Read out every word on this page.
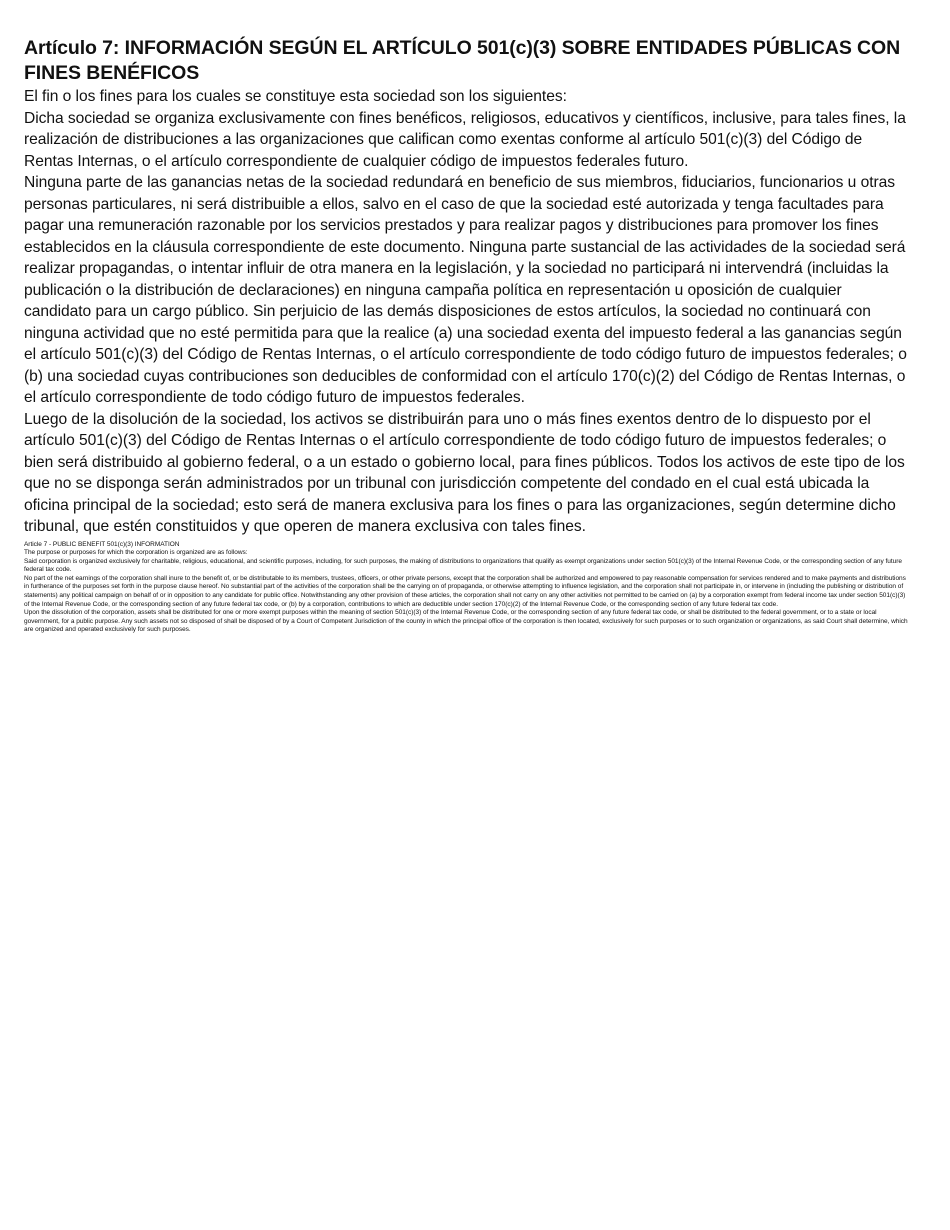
Artículo 7: INFORMACIÓN SEGÚN EL ARTÍCULO 501(c)(3) SOBRE ENTIDADES PÚBLICAS CON FINES BENÉFICOS

El fin o los fines para los cuales se constituye esta sociedad son los siguientes:

Dicha sociedad se organiza exclusivamente con fines benéficos, religiosos, educativos y científicos, inclusive, para tales fines, la realización de distribuciones a las organizaciones que califican como exentas conforme al artículo 501(c)(3) del Código de Rentas Internas, o el artículo correspondiente de cualquier código de impuestos federales futuro.

Ninguna parte de las ganancias netas de la sociedad redundará en beneficio de sus miembros, fiduciarios, funcionarios u otras personas particulares, ni será distribuible a ellos, salvo en el caso de que la sociedad esté autorizada y tenga facultades para pagar una remuneración razonable por los servicios prestados y para realizar pagos y distribuciones para promover los fines establecidos en la cláusula correspondiente de este documento. Ninguna parte sustancial de las actividades de la sociedad será realizar propagandas, o intentar influir de otra manera en la legislación, y la sociedad no participará ni intervendrá (incluidas la publicación o la distribución de declaraciones) en ninguna campaña política en representación u oposición de cualquier candidato para un cargo público. Sin perjuicio de las demás disposiciones de estos artículos, la sociedad no continuará con ninguna actividad que no esté permitida para que la realice (a) una sociedad exenta del impuesto federal a las ganancias según el artículo 501(c)(3) del Código de Rentas Internas, o el artículo correspondiente de todo código futuro de impuestos federales; o (b) una sociedad cuyas contribuciones son deducibles de conformidad con el artículo 170(c)(2) del Código de Rentas Internas, o el artículo correspondiente de todo código futuro de impuestos federales.

Luego de la disolución de la sociedad, los activos se distribuirán para uno o más fines exentos dentro de lo dispuesto por el artículo 501(c)(3) del Código de Rentas Internas o el artículo correspondiente de todo código futuro de impuestos federales; o bien será distribuido al gobierno federal, o a un estado o gobierno local, para fines públicos. Todos los activos de este tipo de los que no se disponga serán administrados por un tribunal con jurisdicción competente del condado en el cual está ubicada la oficina principal de la sociedad; esto será de manera exclusiva para los fines o para las organizaciones, según determine dicho tribunal, que estén constituidos y que operen de manera exclusiva con tales fines.

Article 7 - PUBLIC BENEFIT 501(c)(3) INFORMATION

The purpose or purposes for which the corporation is organized are as follows:

Said corporation is organized exclusively for charitable, religious, educational, and scientific purposes, including, for such purposes, the making of distributions to organizations that qualify as exempt organizations under section 501(c)(3) of the Internal Revenue Code, or the corresponding section of any future federal tax code.

No part of the net earnings of the corporation shall inure to the benefit of, or be distributable to its members, trustees, officers, or other private persons, except that the corporation shall be authorized and empowered to pay reasonable compensation for services rendered and to make payments and distributions in furtherance of the purposes set forth in the purpose clause hereof. No substantial part of the activities of the corporation shall be the carrying on of propaganda, or otherwise attempting to influence legislation, and the corporation shall not participate in, or intervene in (including the publishing or distribution of statements) any political campaign on behalf of or in opposition to any candidate for public office. Notwithstanding any other provision of these articles, the corporation shall not carry on any other activities not permitted to be carried on (a) by a corporation exempt from federal income tax under section 501(c)(3) of the Internal Revenue Code, or the corresponding section of any future federal tax code, or (b) by a corporation, contributions to which are deductible under section 170(c)(2) of the Internal Revenue Code, or the corresponding section of any future federal tax code.

Upon the dissolution of the corporation, assets shall be distributed for one or more exempt purposes within the meaning of section 501(c)(3) of the Internal Revenue Code, or the corresponding section of any future federal tax code, or shall be distributed to the federal government, or to a state or local government, for a public purpose. Any such assets not so disposed of shall be disposed of by a Court of Competent Jurisdiction of the county in which the principal office of the corporation is then located, exclusively for such purposes or to such organization or organizations, as said Court shall determine, which are organized and operated exclusively for such purposes.
